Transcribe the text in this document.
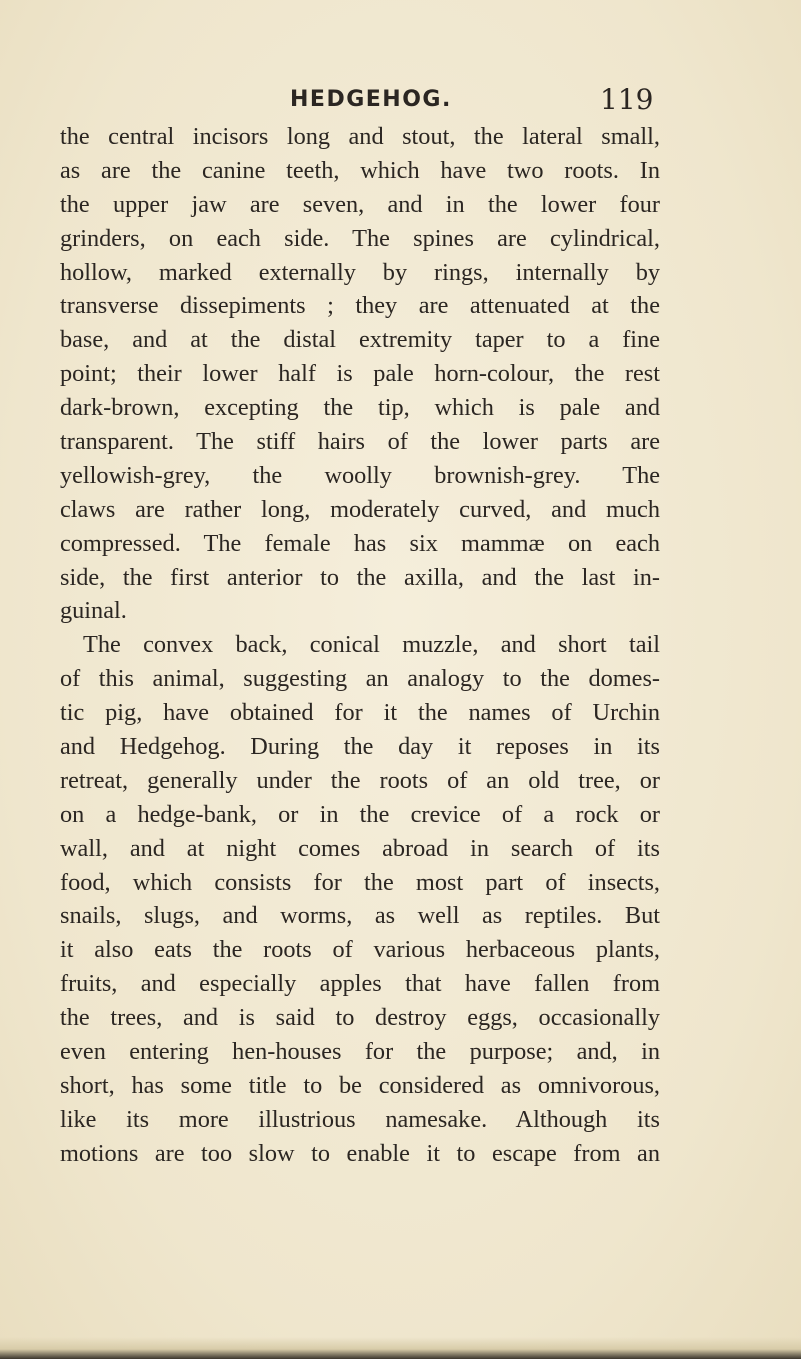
HEDGEHOG.	119
the central incisors long and stout, the lateral small,
as are the canine teeth, which have two roots. In
the upper jaw are seven, and in the lower four
grinders, on each side. The spines are cylindrical,
hollow, marked externally by rings, internally by
transverse dissepiments ; they are attenuated at the
base, and at the distal extremity taper to a fine
point; their lower half is pale horn-colour, the rest
dark-brown, excepting the tip, which is pale and
transparent. The stiff hairs of the lower parts are
yellowish-grey, the woolly brownish-grey. The
claws are rather long, moderately curved, and much
compressed. The female has six mammæ on each
side, the first anterior to the axilla, and the last in-
guinal.
The convex back, conical muzzle, and short tail
of this animal, suggesting an analogy to the domes-
tic pig, have obtained for it the names of Urchin
and Hedgehog. During the day it reposes in its
retreat, generally under the roots of an old tree, or
on a hedge-bank, or in the crevice of a rock or
wall, and at night comes abroad in search of its
food, which consists for the most part of insects,
snails, slugs, and worms, as well as reptiles. But
it also eats the roots of various herbaceous plants,
fruits, and especially apples that have fallen from
the trees, and is said to destroy eggs, occasionally
even entering hen-houses for the purpose; and, in
short, has some title to be considered as omnivorous,
like its more illustrious namesake. Although its
motions are too slow to enable it to escape from an
